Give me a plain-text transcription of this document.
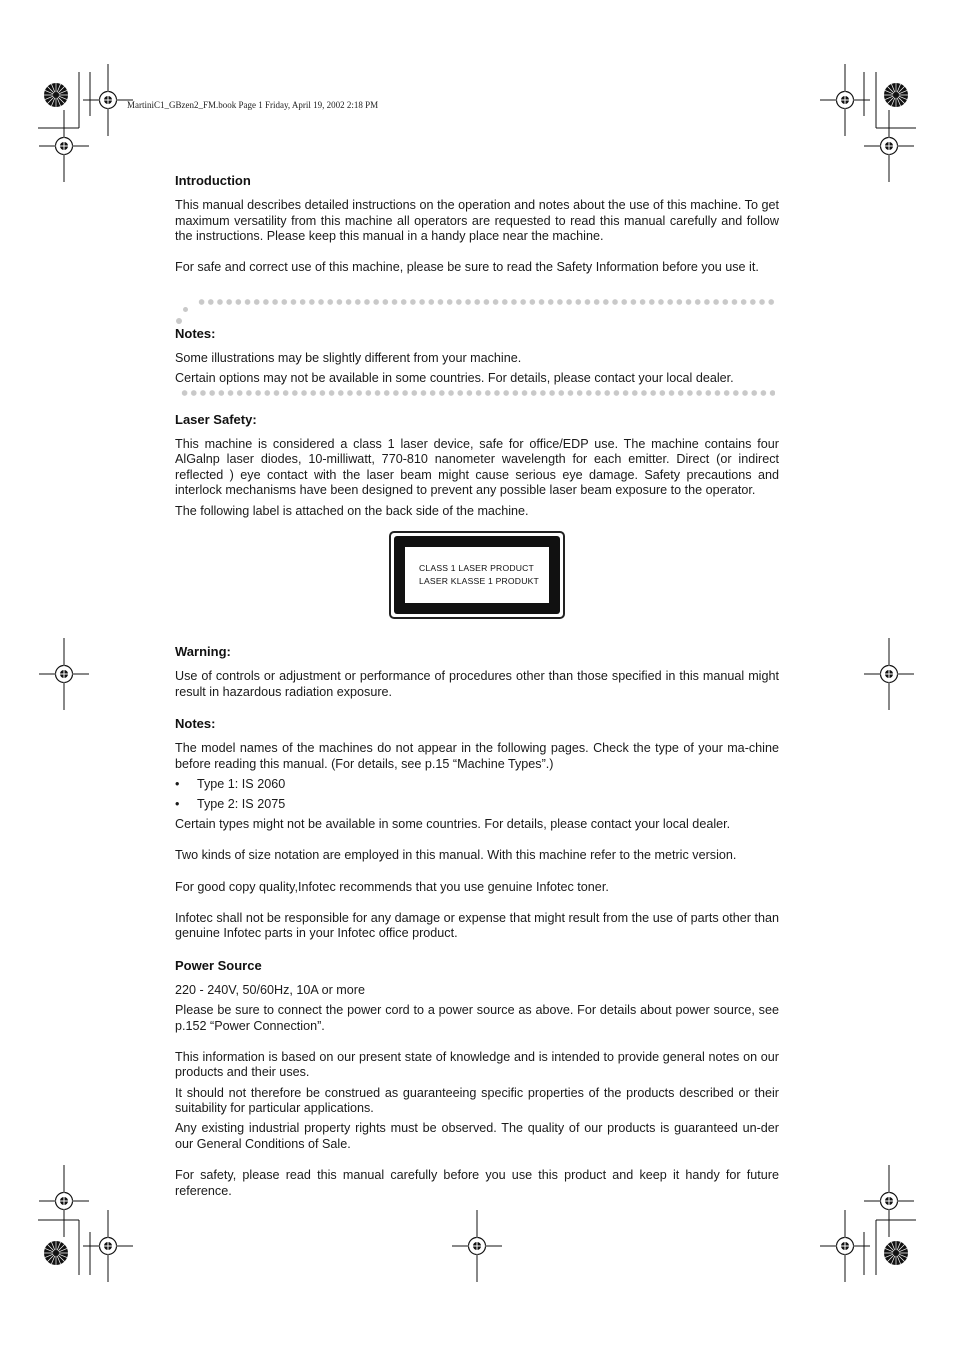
MartiniC1_GBzen2_FM.book Page 1 Friday, April 19, 2002 2:18 PM
Introduction

This manual describes detailed instructions on the operation and notes about the use of this machine. To get maximum versatility from this machine all operators are requested to read this manual carefully and follow the instructions. Please keep this manual in a handy place near the machine.

For safe and correct use of this machine, please be sure to read the Safety Information before you use it.

Notes:

Some illustrations may be slightly different from your machine.

Certain options may not be available in some countries. For details, please contact your local dealer.

Laser Safety:

This machine is considered a class 1 laser device, safe for office/EDP use. The machine contains four AlGalnp laser diodes, 10-milliwatt, 770-810 nanometer wavelength for each emitter. Direct (or indirect reflected ) eye contact with the laser beam might cause serious eye damage. Safety precautions and interlock mechanisms have been designed to prevent any possible laser beam exposure to the operator.

The following label is attached on the back side of the machine.

CLASS 1 LASER PRODUCT
LASER KLASSE 1 PRODUKT
Warning:

Use of controls or adjustment or performance of procedures other than those specified in this manual might result in hazardous radiation exposure.

Notes:

The model names of the machines do not appear in the following pages. Check the type of your ma-chine before reading this manual. (For details, see p.15 “Machine Types”.)

• Type 1: IS 2060
• Type 2: IS 2075

Certain types might not be available in some countries. For details, please contact your local dealer.

Two kinds of size notation are employed in this manual. With this machine refer to the metric version.

For good copy quality,Infotec recommends that you use genuine Infotec toner.

Infotec shall not be responsible for any damage or expense that might result from the use of parts other than genuine Infotec parts in your Infotec office product.

Power Source

220 - 240V, 50/60Hz, 10A or more

Please be sure to connect the power cord to a power source as above. For details about power source, see p.152 “Power Connection”.

This information is based on our present state of knowledge and is intended to provide general notes on our products and their uses.

It should not therefore be construed as guaranteeing specific properties of the products described or their suitability for particular applications.

Any existing industrial property rights must be observed. The quality of our products is guaranteed un-der our General Conditions of Sale.

For safety, please read this manual carefully before you use this product and keep it handy for future reference.
